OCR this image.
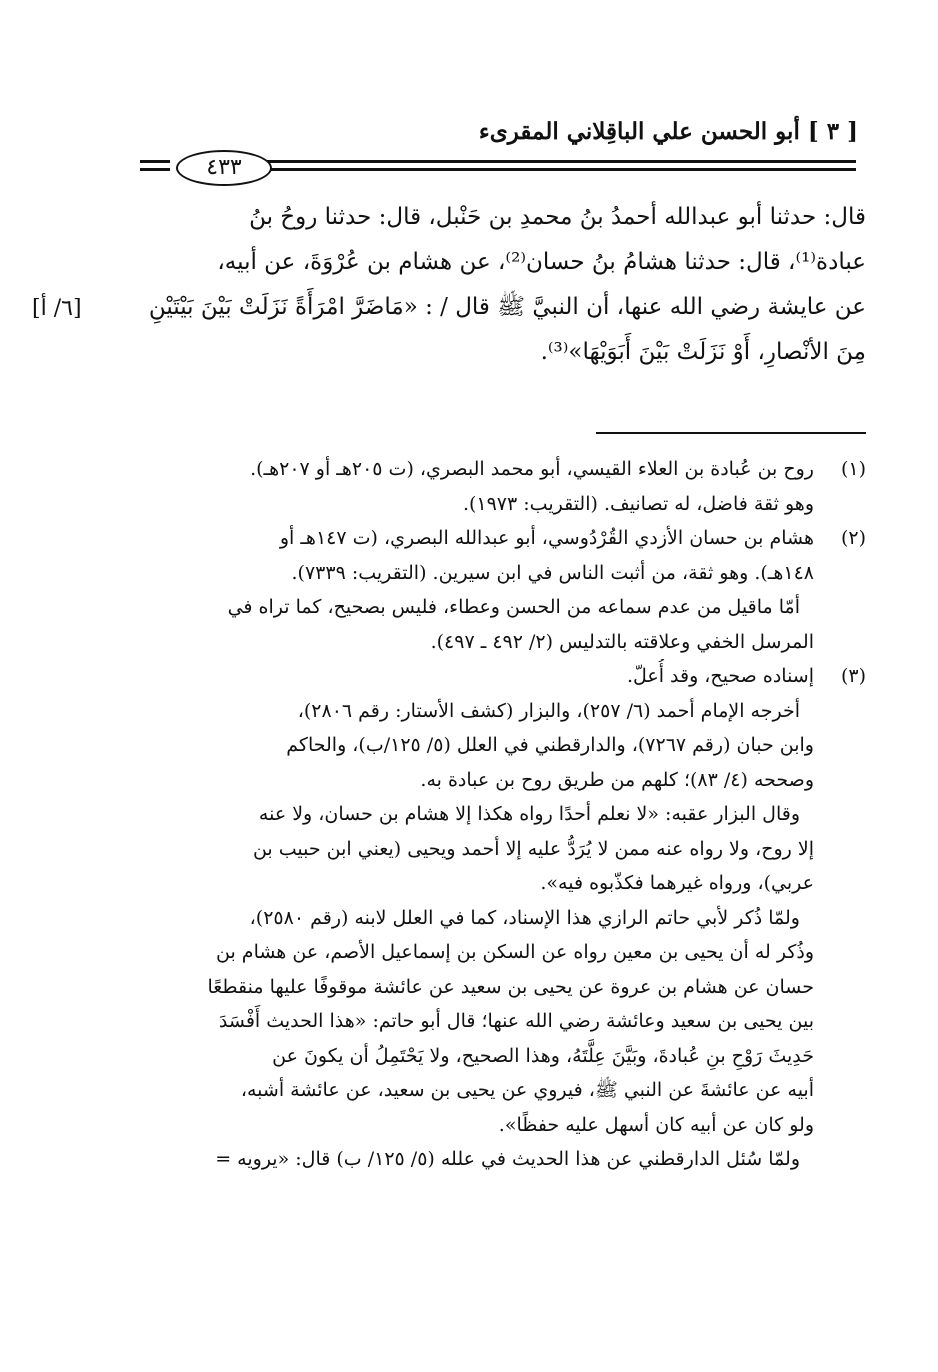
[ ٣ ] أبو الحسن علي الباقِلاني المقرىء
٤٣٣
[٦/ أ]
قال: حدثنا أبو عبدالله أحمدُ بنُ محمدِ بن حَنْبل، قال: حدثنا روحُ بنُ
عبادة⁽¹⁾، قال: حدثنا هشامُ بنُ حسان⁽²⁾، عن هشام بن عُرْوَةَ، عن أبيه،
عن عايشة رضي الله عنها، أن النبيَّ ﷺ قال / : «مَاضَرَّ امْرَأَةً نَزَلَتْ بَيْنَ بَيْتَيْنِ
مِنَ الأنْصارِ، أَوْ نَزَلَتْ بَيْنَ أَبَوَيْهَا»⁽³⁾.
(١)
روح بن عُبادة بن العلاء القيسي، أبو محمد البصري، (ت ٢٠٥هـ أو ٢٠٧هـ).
وهو ثقة فاضل، له تصانيف. (التقريب: ١٩٧٣).
(٢)
هشام بن حسان الأزدي القُرْدُوسي، أبو عبدالله البصري، (ت ١٤٧هـ أو
١٤٨هـ). وهو ثقة، من أثبت الناس في ابن سيرين. (التقريب: ٧٣٣٩).
أمّا ماقيل من عدم سماعه من الحسن وعطاء، فليس بصحيح، كما تراه في
المرسل الخفي وعلاقته بالتدليس (٢/ ٤٩٢ ـ ٤٩٧).
(٣)
إسناده صحيح، وقد أُعلّ.
أخرجه الإمام أحمد (٦/ ٢٥٧)، والبزار (كشف الأستار: رقم ٢٨٠٦)،
وابن حبان (رقم ٧٢٦٧)، والدارقطني في العلل (٥/ ١٢٥/ب)، والحاكم
وصححه (٤/ ٨٣)؛ كلهم من طريق روح بن عبادة به.
وقال البزار عقبه: «لا نعلم أحدًا رواه هكذا إلا هشام بن حسان، ولا عنه
إلا روح، ولا رواه عنه ممن لا يُرَدُّ عليه إلا أحمد ويحيى (يعني ابن حبيب بن
عربي)، ورواه غيرهما فكذّبوه فيه».
ولمّا ذُكر لأبي حاتم الرازي هذا الإسناد، كما في العلل لابنه (رقم ٢٥٨٠)،
وذُكر له أن يحيى بن معين رواه عن السكن بن إسماعيل الأصم، عن هشام بن
حسان عن هشام بن عروة عن يحيى بن سعيد عن عائشة موقوفًا عليها منقطعًا
بين يحيى بن سعيد وعائشة رضي الله عنها؛ قال أبو حاتم: «هذا الحديث أَفْسَدَ
حَدِيثَ رَوْحِ بنِ عُبادةَ، وبَيَّنَ عِلَّتَهُ، وهذا الصحيح، ولا يَحْتَمِلُ أن يكونَ عن
أبيه عن عائشةَ عن النبي ﷺ، فيروي عن يحيى بن سعيد، عن عائشة أشبه،
ولو كان عن أبيه كان أسهل عليه حفظًا».
ولمّا سُئل الدارقطني عن هذا الحديث في علله (٥/ ١٢٥/ ب) قال: «يرويه =
